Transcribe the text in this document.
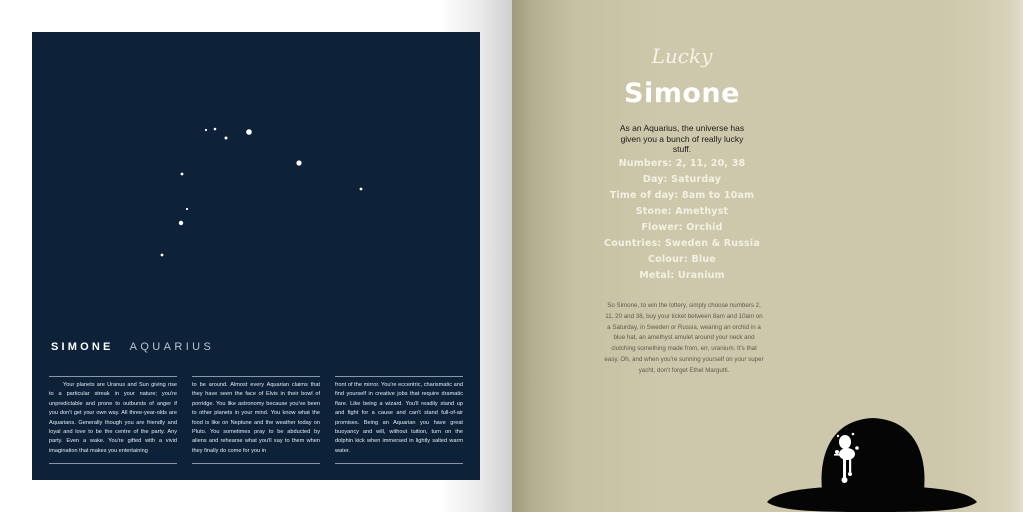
SIMONE AQUARIUS

Your planets are Uranus and Sun giving rise to a particular streak in your nature; you're unpredictable and prone to outbursts of anger if you don't get your own way. All three-year-olds are Aquarians. Generally though you are friendly and loyal and love to be the centre of the party. Any party. Even a wake. You're gifted with a vivid imagination that makes you entertaining

to be around. Almost every Aquarian claims that they have seen the face of Elvis in their bowl of porridge. You like astronomy because you've been to other planets in your mind. You know what the food is like on Neptune and the weather today on Pluto. You sometimes pray to be abducted by aliens and rehearse what you'll say to them when they finally do come for you in

front of the mirror. You're eccentric, charismatic and find yourself in creative jobs that require dramatic flare. Like being a wizard. You'll readily stand up and fight for a cause and can't stand full-of-air promises. Being an Aquarian you have great buoyancy and will, without tuition, turn on the dolphin kick when immersed in lightly salted warm water.

Lucky
Simone
As an Aquarius, the universe has given you a bunch of really lucky stuff.
Numbers: 2, 11, 20, 38
Day: Saturday
Time of day: 8am to 10am
Stone: Amethyst
Flower: Orchid
Countries: Sweden & Russia
Colour: Blue
Metal: Uranium
So Simone, to win the lottery, simply choose numbers 2, 11, 20 and 38, buy your ticket between 8am and 10am on a Saturday, in Sweden or Russia, wearing an orchid in a blue hat, an amethyst amulet around your neck and clutching something made from, err, uranium. It's that easy. Oh, and when you're sunning yourself on your super yacht, don't forget Ethel Margutti.
